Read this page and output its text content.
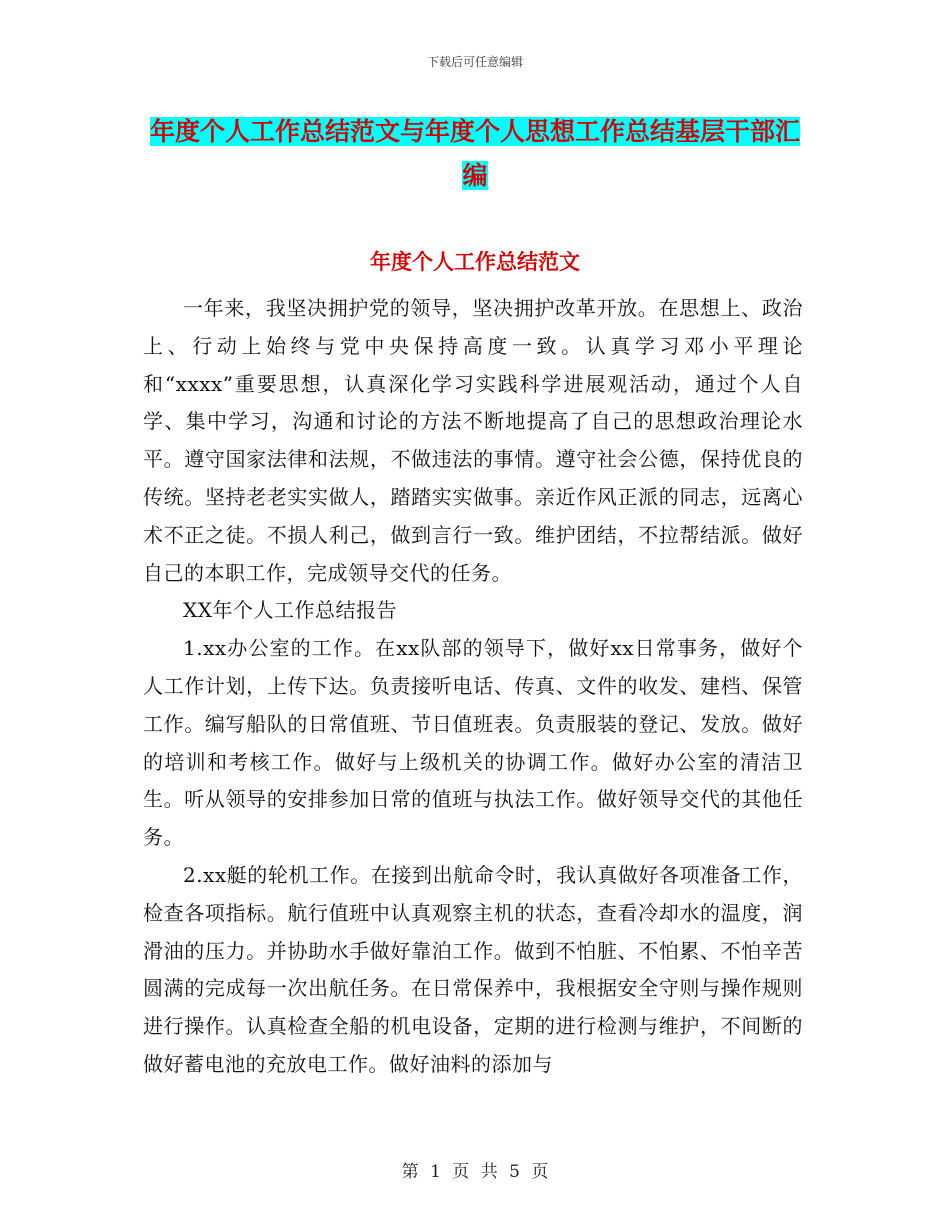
下载后可任意编辑
年度个人工作总结范文与年度个人思想工作总结基层干部汇编
年度个人工作总结范文

一年来，我坚决拥护党的领导，坚决拥护改革开放。在思想上、政治上、行动上始终与党中央保持高度一致。认真学习邓小平理论和“xxxx”重要思想，认真深化学习实践科学进展观活动，通过个人自学、集中学习，沟通和讨论的方法不断地提高了自己的思想政治理论水平。遵守国家法律和法规，不做违法的事情。遵守社会公德，保持优良的传统。坚持老老实实做人，踏踏实实做事。亲近作风正派的同志，远离心术不正之徒。不损人利己，做到言行一致。维护团结，不拉帮结派。做好自己的本职工作，完成领导交代的任务。

XX年个人工作总结报告

1.xx办公室的工作。在xx队部的领导下，做好xx日常事务，做好个人工作计划，上传下达。负责接听电话、传真、文件的收发、建档、保管工作。编写船队的日常值班、节日值班表。负责服装的登记、发放。做好的培训和考核工作。做好与上级机关的协调工作。做好办公室的清洁卫生。听从领导的安排参加日常的值班与执法工作。做好领导交代的其他任务。

2.xx艇的轮机工作。在接到出航命令时，我认真做好各项准备工作，检查各项指标。航行值班中认真观察主机的状态，查看冷却水的温度，润滑油的压力。并协助水手做好靠泊工作。做到不怕脏、不怕累、不怕辛苦圆满的完成每一次出航任务。在日常保养中，我根据安全守则与操作规则进行操作。认真检查全船的机电设备，定期的进行检测与维护，不间断的做好蓄电池的充放电工作。做好油料的添加与

第 1 页 共 5 页
